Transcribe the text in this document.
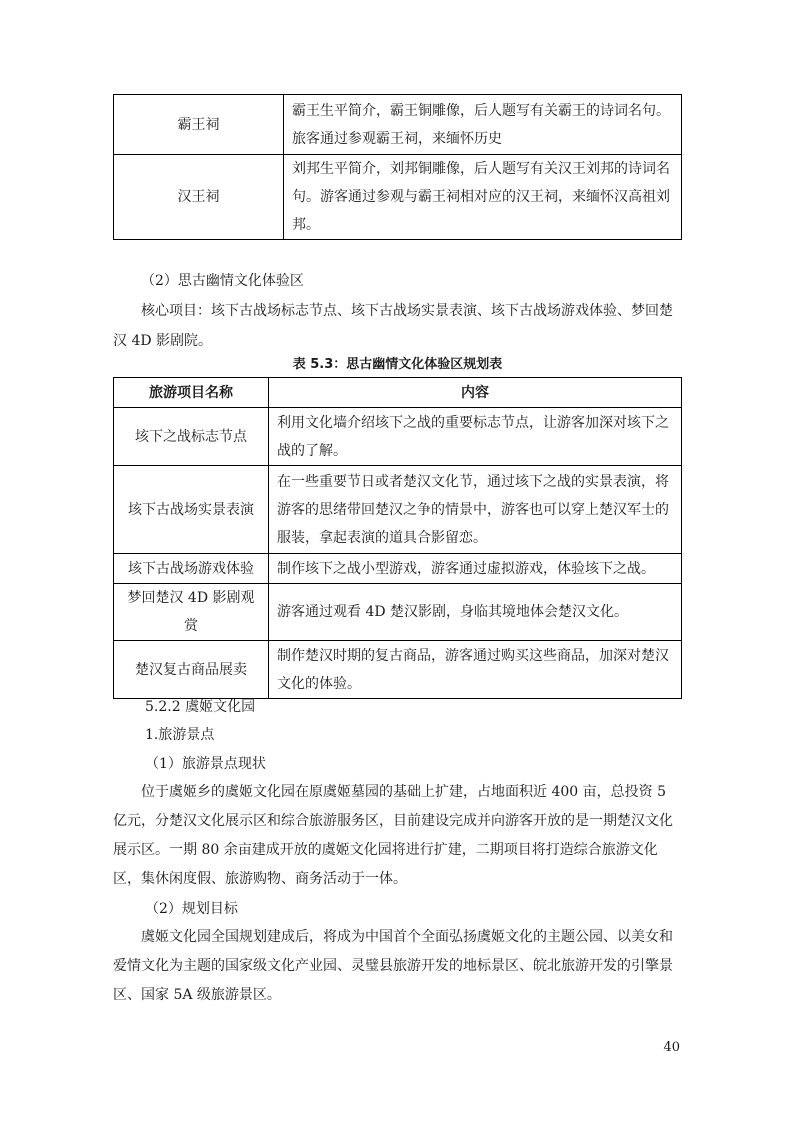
霸王祠	霸王生平简介，霸王铜雕像，后人题写有关霸王的诗词名句。旅客通过参观霸王祠，来缅怀历史
汉王祠	刘邦生平简介，刘邦铜雕像，后人题写有关汉王刘邦的诗词名句。游客通过参观与霸王祠相对应的汉王祠，来缅怀汉高祖刘邦。

（2）思古幽情文化体验区

核心项目：垓下古战场标志节点、垓下古战场实景表演、垓下古战场游戏体验、梦回楚汉 4D 影剧院。

表 5.3：思古幽情文化体验区规划表

旅游项目名称	内容
垓下之战标志节点	利用文化墙介绍垓下之战的重要标志节点，让游客加深对垓下之战的了解。
垓下古战场实景表演	在一些重要节日或者楚汉文化节，通过垓下之战的实景表演，将游客的思绪带回楚汉之争的情景中，游客也可以穿上楚汉军士的服装，拿起表演的道具合影留恋。
垓下古战场游戏体验	制作垓下之战小型游戏，游客通过虚拟游戏，体验垓下之战。
梦回楚汉 4D 影剧观赏	游客通过观看 4D 楚汉影剧，身临其境地体会楚汉文化。
楚汉复古商品展卖	制作楚汉时期的复古商品，游客通过购买这些商品，加深对楚汉文化的体验。

5.2.2 虞姬文化园

1.旅游景点

（1）旅游景点现状

位于虞姬乡的虞姬文化园在原虞姬墓园的基础上扩建，占地面积近 400 亩，总投资 5 亿元，分楚汉文化展示区和综合旅游服务区，目前建设完成并向游客开放的是一期楚汉文化展示区。一期 80 余亩建成开放的虞姬文化园将进行扩建，二期项目将打造综合旅游文化区，集休闲度假、旅游购物、商务活动于一体。

（2）规划目标

虞姬文化园全国规划建成后，将成为中国首个全面弘扬虞姬文化的主题公园、以美女和爱情文化为主题的国家级文化产业园、灵璧县旅游开发的地标景区、皖北旅游开发的引擎景区、国家 5A 级旅游景区。

40
